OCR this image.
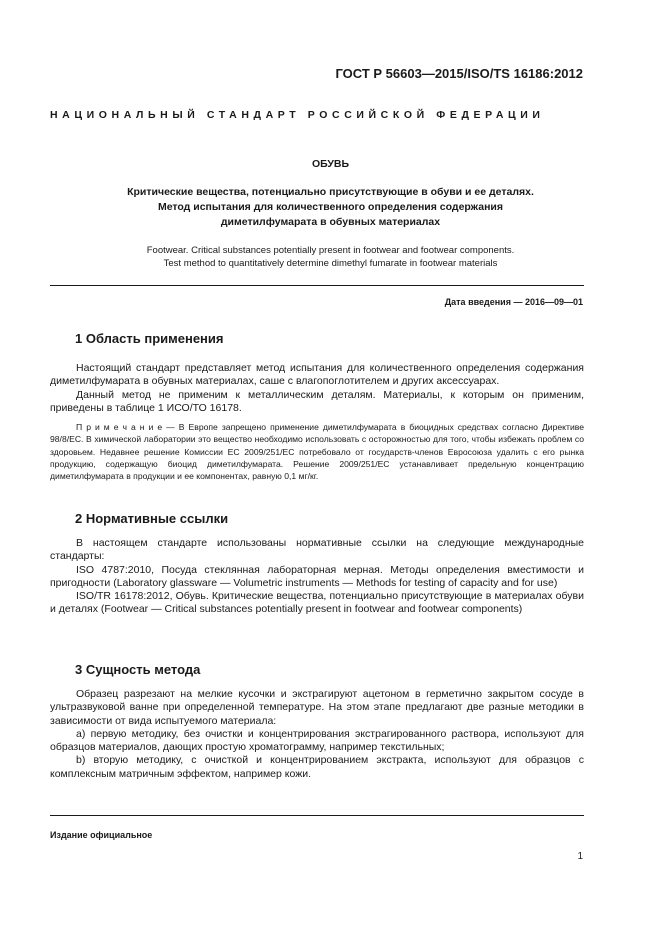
ГОСТ Р 56603—2015/ISO/TS 16186:2012
НАЦИОНАЛЬНЫЙ СТАНДАРТ РОССИЙСКОЙ ФЕДЕРАЦИИ
ОБУВЬ
Критические вещества, потенциально присутствующие в обуви и ее деталях.
Метод испытания для количественного определения содержания
диметилфумарата в обувных материалах
Footwear. Critical substances potentially present in footwear and footwear components.
Test method to quantitatively determine dimethyl fumarate in footwear materials
Дата введения — 2016—09—01
1 Область применения

Настоящий стандарт представляет метод испытания для количественного определения содержания диметилфумарата в обувных материалах, саше с влагопоглотителем и других аксессуарах.

Данный метод не применим к металлическим деталям. Материалы, к которым он применим, приведены в таблице 1 ИСО/ТО 16178.

П р и м е ч а н и е — В Европе запрещено применение диметилфумарата в биоцидных средствах согласно Директиве 98/8/EC. В химической лаборатории это вещество необходимо использовать с осторожностью для того, чтобы избежать проблем со здоровьем. Недавнее решение Комиссии EC 2009/251/EC потребовало от государств-членов Евросоюза удалить с его рынка продукцию, содержащую биоцид диметилфумарата. Решение 2009/251/EC устанавливает предельную концентрацию диметилфумарата в продукции и ее компонентах, равную 0,1 мг/кг.

2 Нормативные ссылки

В настоящем стандарте использованы нормативные ссылки на следующие международные стандарты:

ISO 4787:2010, Посуда стеклянная лабораторная мерная. Методы определения вместимости и пригодности (Laboratory glassware — Volumetric instruments — Methods for testing of capacity and for use)

ISO/TR 16178:2012, Обувь. Критические вещества, потенциально присутствующие в материалах обуви и деталях (Footwear — Critical substances potentially present in footwear and footwear components)

3 Сущность метода

Образец разрезают на мелкие кусочки и экстрагируют ацетоном в герметично закрытом сосуде в ультразвуковой ванне при определенной температуре. На этом этапе предлагают две разные методики в зависимости от вида испытуемого материала:

a) первую методику, без очистки и концентрирования экстрагированного раствора, используют для образцов материалов, дающих простую хроматограмму, например текстильных;

b) вторую методику, с очисткой и концентрированием экстракта, используют для образцов с комплексным матричным эффектом, например кожи.

Издание официальное
1
